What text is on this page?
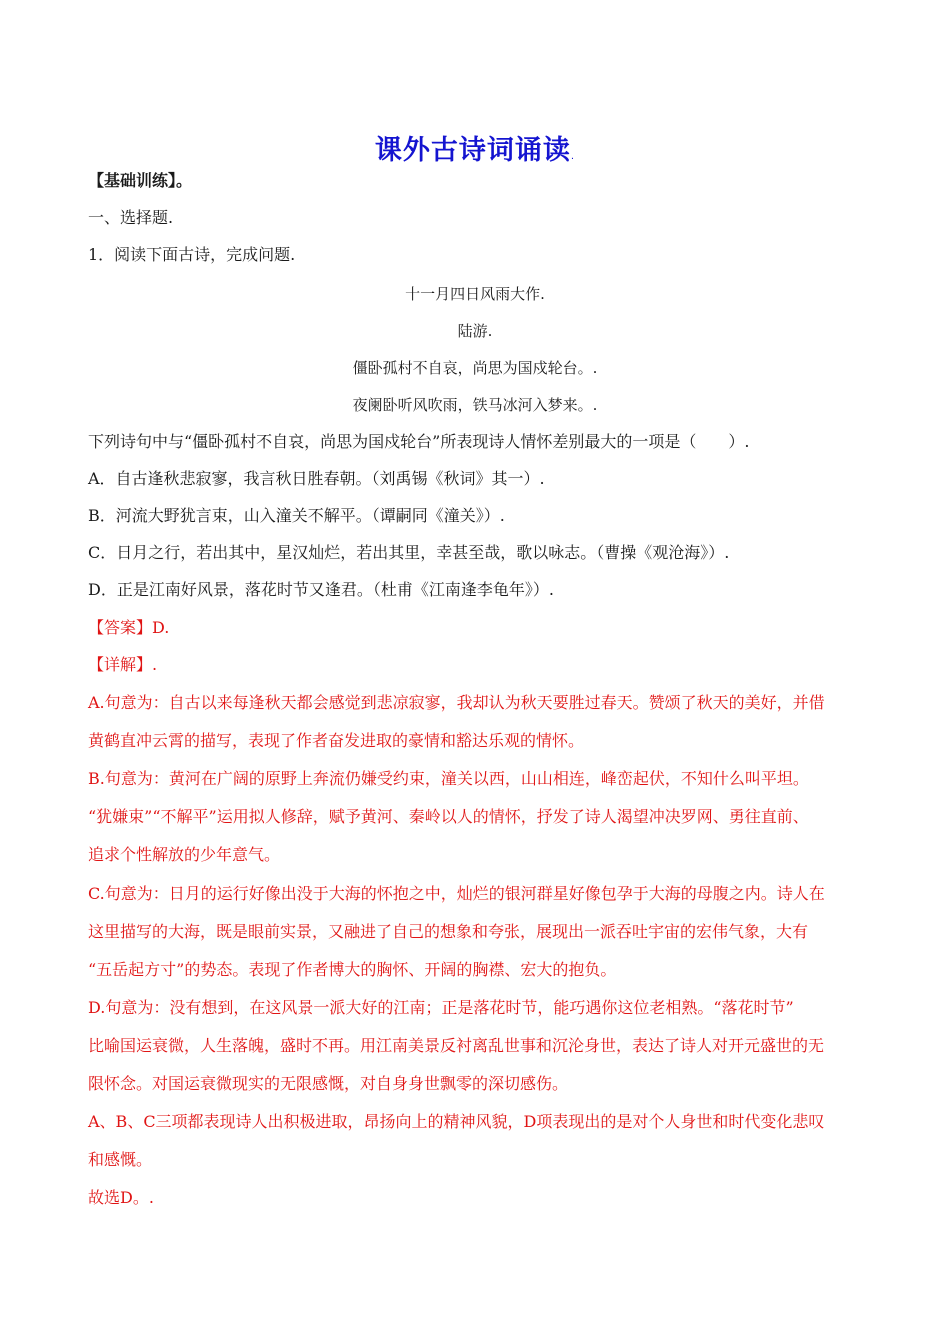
课外古诗词诵读.
【基础训练】。
一、选择题.
1．阅读下面古诗，完成问题.
十一月四日风雨大作.
陆游.
僵卧孤村不自哀，尚思为国戍轮台。.
夜阑卧听风吹雨，铁马冰河入梦来。.
下列诗句中与“僵卧孤村不自哀，尚思为国戍轮台”所表现诗人情怀差别最大的一项是（　　）.
A．自古逢秋悲寂寥，我言秋日胜春朝。（刘禹锡《秋词》其一）.
B．河流大野犹言束，山入潼关不解平。（谭嗣同《潼关》）.
C．日月之行，若出其中，星汉灿烂，若出其里，幸甚至哉，歌以咏志。（曹操《观沧海》）.
D．正是江南好风景，落花时节又逢君。（杜甫《江南逢李龟年》）.
【答案】D.
【详解】.
A.句意为：自古以来每逢秋天都会感觉到悲凉寂寥，我却认为秋天要胜过春天。赞颂了秋天的美好，并借
黄鹤直冲云霄的描写，表现了作者奋发进取的豪情和豁达乐观的情怀。
B.句意为：黄河在广阔的原野上奔流仍嫌受约束，潼关以西，山山相连，峰峦起伏，不知什么叫平坦。
“犹嫌束”“不解平”运用拟人修辞，赋予黄河、秦岭以人的情怀，抒发了诗人渴望冲决罗网、勇往直前、
追求个性解放的少年意气。
C.句意为：日月的运行好像出没于大海的怀抱之中，灿烂的银河群星好像包孕于大海的母腹之内。诗人在
这里描写的大海，既是眼前实景，又融进了自己的想象和夸张，展现出一派吞吐宇宙的宏伟气象，大有
“五岳起方寸”的势态。表现了作者博大的胸怀、开阔的胸襟、宏大的抱负。
D.句意为：没有想到，在这风景一派大好的江南；正是落花时节，能巧遇你这位老相熟。“落花时节”
比喻国运衰微，人生落魄，盛时不再。用江南美景反衬离乱世事和沉沦身世，表达了诗人对开元盛世的无
限怀念。对国运衰微现实的无限感慨，对自身身世飘零的深切感伤。
A、B、C三项都表现诗人出积极进取，昂扬向上的精神风貌，D项表现出的是对个人身世和时代变化悲叹
和感慨。
故选D。.
